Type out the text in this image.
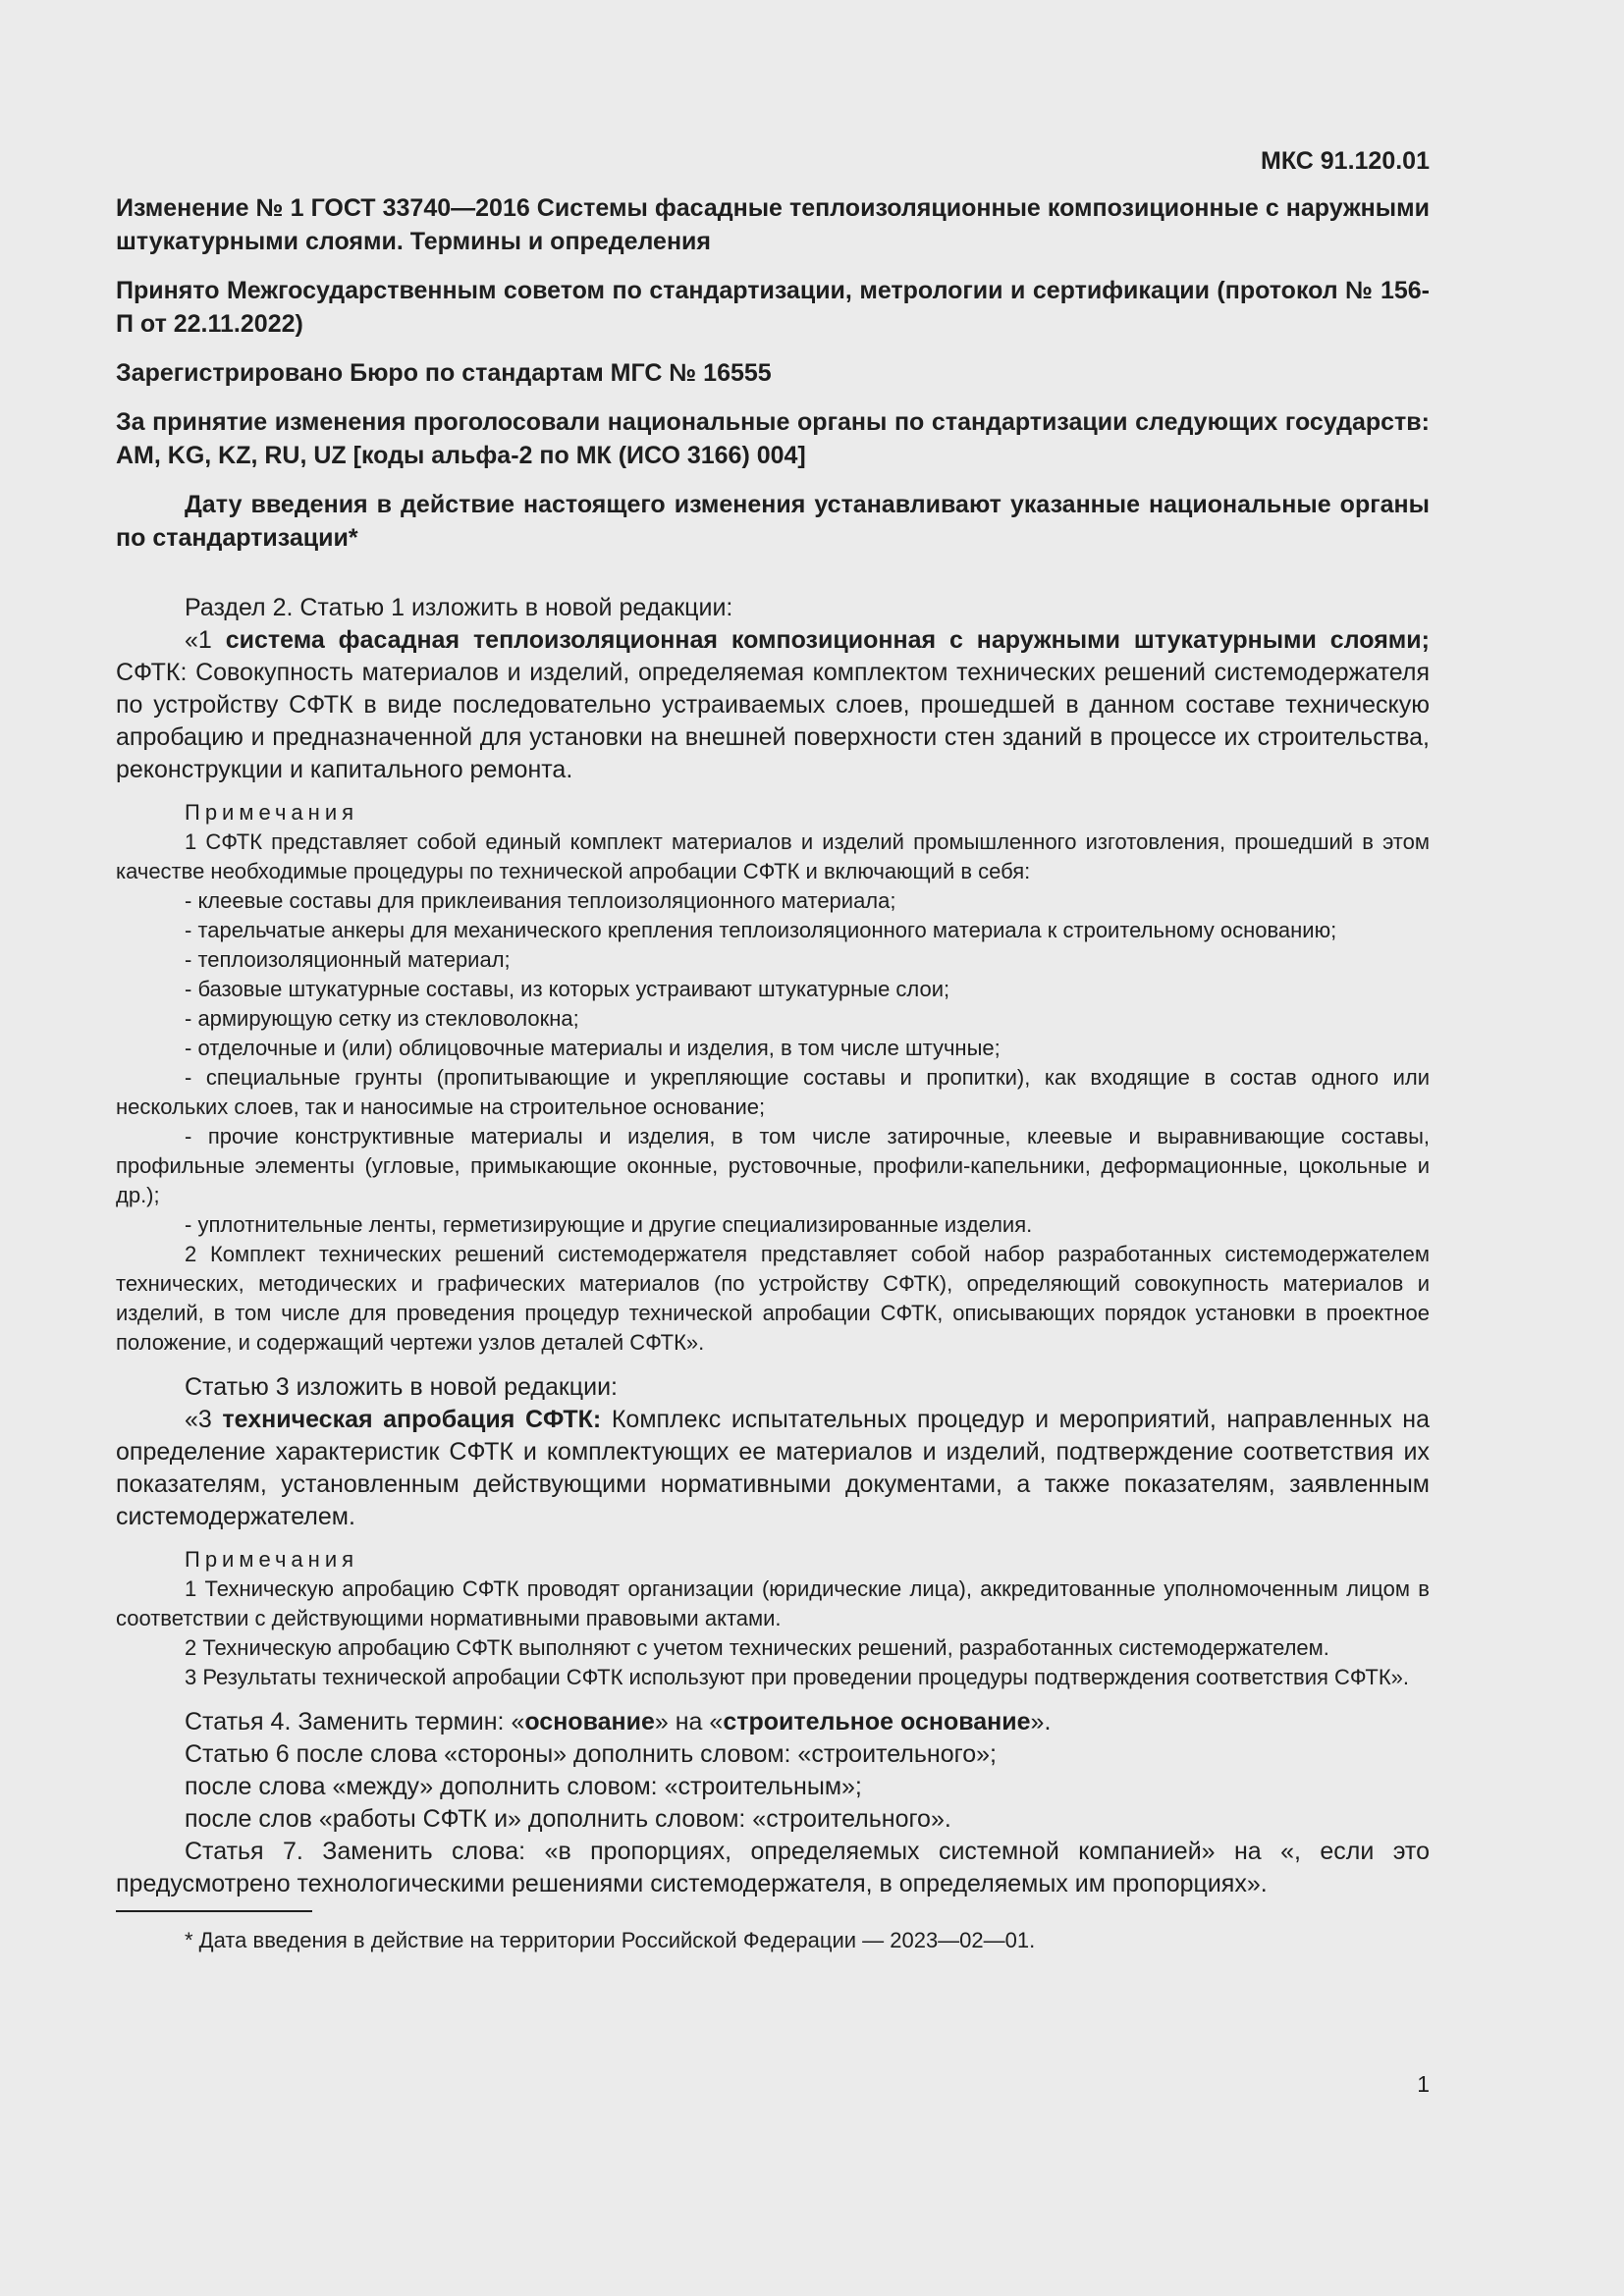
МКС 91.120.01

Изменение № 1 ГОСТ 33740—2016 Системы фасадные теплоизоляционные композиционные с наружными штукатурными слоями. Термины и определения

Принято Межгосударственным советом по стандартизации, метрологии и сертификации (протокол № 156-П от 22.11.2022)

Зарегистрировано Бюро по стандартам МГС № 16555

За принятие изменения проголосовали национальные органы по стандартизации следующих государств: AM, KG, KZ, RU, UZ [коды альфа-2 по МК (ИСО 3166) 004]

Дату введения в действие настоящего изменения устанавливают указанные национальные органы по стандартизации*

Раздел 2. Статью 1 изложить в новой редакции:

«1 система фасадная теплоизоляционная композиционная с наружными штукатурными слоями; СФТК: Совокупность материалов и изделий, определяемая комплектом технических решений системодержателя по устройству СФТК в виде последовательно устраиваемых слоев, прошедшей в данном составе техническую апробацию и предназначенной для установки на внешней поверхности стен зданий в процессе их строительства, реконструкции и капитального ремонта.

Примечания

1 СФТК представляет собой единый комплект материалов и изделий промышленного изготовления, прошедший в этом качестве необходимые процедуры по технической апробации СФТК и включающий в себя:

- клеевые составы для приклеивания теплоизоляционного материала;

- тарельчатые анкеры для механического крепления теплоизоляционного материала к строительному основанию;

- теплоизоляционный материал;

- базовые штукатурные составы, из которых устраивают штукатурные слои;

- армирующую сетку из стекловолокна;

- отделочные и (или) облицовочные материалы и изделия, в том числе штучные;

- специальные грунты (пропитывающие и укрепляющие составы и пропитки), как входящие в состав одного или нескольких слоев, так и наносимые на строительное основание;

- прочие конструктивные материалы и изделия, в том числе затирочные, клеевые и выравнивающие составы, профильные элементы (угловые, примыкающие оконные, рустовочные, профили-капельники, деформационные, цокольные и др.);

- уплотнительные ленты, герметизирующие и другие специализированные изделия.

2 Комплект технических решений системодержателя представляет собой набор разработанных системодержателем технических, методических и графических материалов (по устройству СФТК), определяющий совокупность материалов и изделий, в том числе для проведения процедур технической апробации СФТК, описывающих порядок установки в проектное положение, и содержащий чертежи узлов деталей СФТК».

Статью 3 изложить в новой редакции:

«3 техническая апробация СФТК: Комплекс испытательных процедур и мероприятий, направленных на определение характеристик СФТК и комплектующих ее материалов и изделий, подтверждение соответствия их показателям, установленным действующими нормативными документами, а также показателям, заявленным системодержателем.

Примечания

1 Техническую апробацию СФТК проводят организации (юридические лица), аккредитованные уполномоченным лицом в соответствии с действующими нормативными правовыми актами.

2 Техническую апробацию СФТК выполняют с учетом технических решений, разработанных системодержателем.

3 Результаты технической апробации СФТК используют при проведении процедуры подтверждения соответствия СФТК».

Статья 4. Заменить термин: «основание» на «строительное основание».

Статью 6 после слова «стороны» дополнить словом: «строительного»;

после слова «между» дополнить словом: «строительным»;

после слов «работы СФТК и» дополнить словом: «строительного».

Статья 7. Заменить слова: «в пропорциях, определяемых системной компанией» на «, если это предусмотрено технологическими решениями системодержателя, в определяемых им пропорциях».

* Дата введения в действие на территории Российской Федерации — 2023—02—01.
1
